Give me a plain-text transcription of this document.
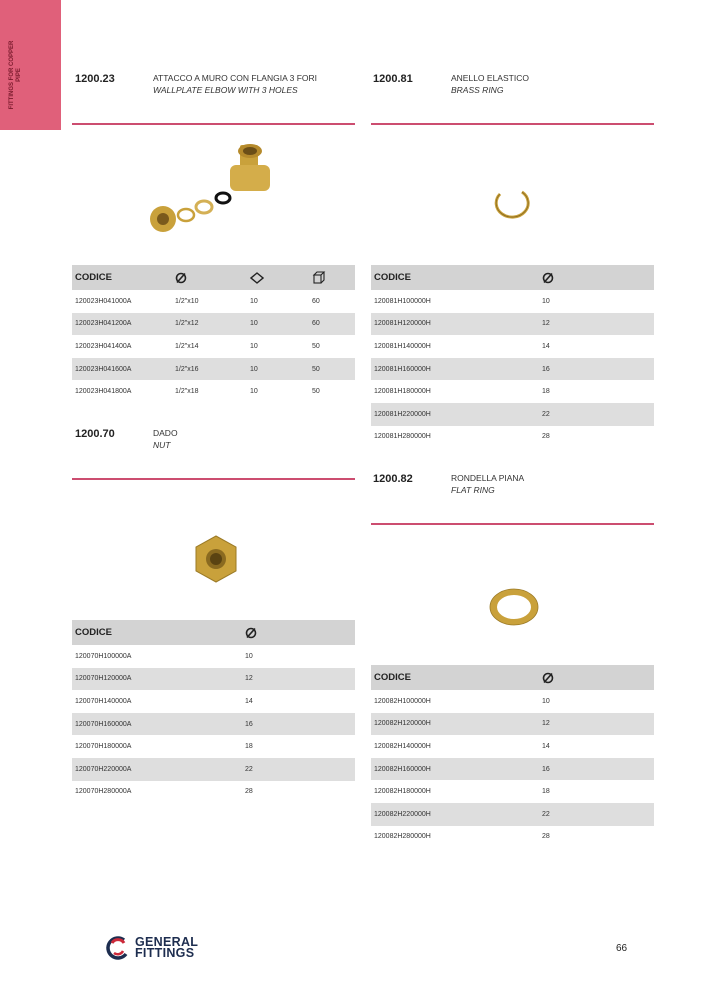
FITTINGS FOR COPPER PIPE	1200.23	ATTACCO A MURO CON FLANGIA 3 FORI
WALLPLATE ELBOW WITH 3 HOLES
CODICE			
120023H041000A	1/2"x10	10	60
120023H041200A	1/2"x12	10	60
120023H041400A	1/2"x14	10	50
120023H041600A	1/2"x16	10	50
120023H041800A	1/2"x18	10	50
1200.81	ANELLO ELASTICO
BRASS RING
CODICE	
120081H100000H	10
120081H120000H	12
120081H140000H	14
120081H160000H	16
120081H180000H	18
120081H220000H	22
120081H280000H	28
1200.70	DADO
NUT
CODICE	
120070H100000A	10
120070H120000A	12
120070H140000A	14
120070H160000A	16
120070H180000A	18
120070H220000A	22
120070H280000A	28
1200.82	RONDELLA PIANA
FLAT RING
CODICE	
120082H100000H	10
120082H120000H	12
120082H140000H	14
120082H160000H	16
120082H180000H	18
120082H220000H	22
120082H280000H	28
GENERAL
FITTINGS	66
